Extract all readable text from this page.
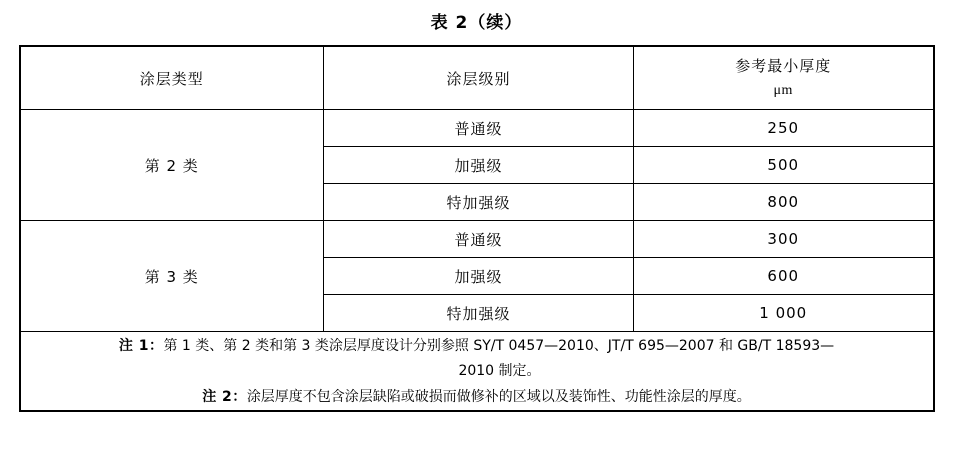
表 2（续）
涂层类型	涂层级别	参考最小厚度
μm

第 2 类	普通级	250
	加强级	500
	特加强级	800
第 3 类	普通级	300
	加强级	600
	特加强级	1 000

注 1：第 1 类、第 2 类和第 3 类涂层厚度设计分别参照 SY/T 0457—2010、JT/T 695—2007 和 GB/T 18593—
2010 制定。
注 2：涂层厚度不包含涂层缺陷或破损而做修补的区域以及装饰性、功能性涂层的厚度。		
